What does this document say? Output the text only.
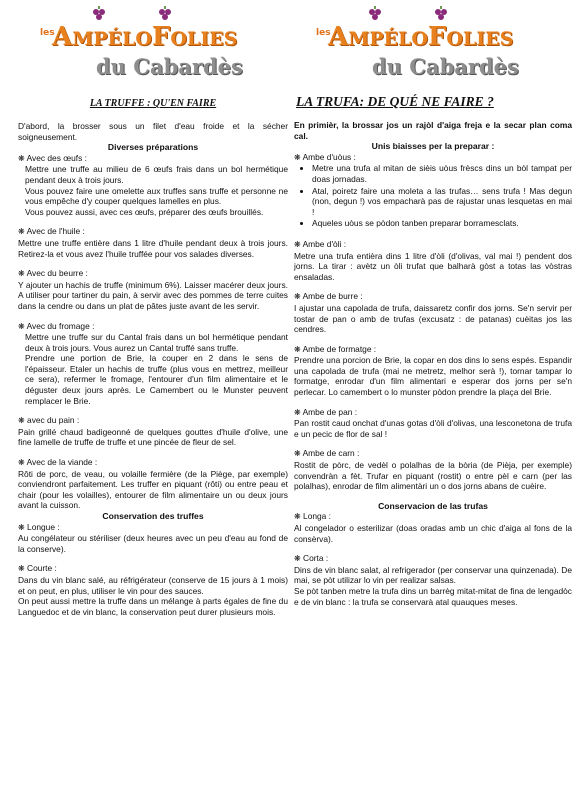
les
AMPÉLOFOLIES
du Cabardès
LA TRUFFE : QU'EN FAIRE

D'abord, la brosser sous un filet d'eau froide et la sécher soigneusement.

Diverses préparations

❋ Avec des œufs :

Mettre une truffe au milieu de 6 œufs frais dans un bol hermétique pendant deux à trois jours.

Vous pouvez faire une omelette aux truffes sans truffe et personne ne vous empêche d'y couper quelques lamelles en plus.

Vous pouvez aussi, avec ces œufs, préparer des œufs brouillés.

❋ Avec de l'huile :

Mettre une truffe entière dans 1 litre d'huile pendant deux à trois jours. Retirez-la et vous avez l'huile truffée pour vos salades diverses.

❋ Avec du beurre :

Y ajouter un hachis de truffe (minimum 6%). Laisser macérer deux jours. A utiliser pour tartiner du pain, à servir avec des pommes de terre cuites dans la cendre ou dans un plat de pâtes juste avant de les servir.

❋ Avec du fromage :

Mettre une truffe sur du Cantal frais dans un bol hermétique pendant deux à trois jours. Vous aurez un Cantal truffé sans truffe.

Prendre une portion de Brie, la couper en 2 dans le sens de l'épaisseur. Etaler un hachis de truffe (plus vous en mettrez, meilleur ce sera), refermer le fromage, l'entourer d'un film alimentaire et le déguster deux jours après. Le Camembert ou le Munster peuvent remplacer le Brie.

❋ avec du pain :

Pain grillé chaud badigeonné de quelques gouttes d'huile d'olive, une fine lamelle de truffe de truffe et une pincée de fleur de sel.

❋ Avec de la viande :

Rôti de porc, de veau, ou volaille fermière (de la Piège, par exemple) conviendront parfaitement. Les truffer en piquant (rôti) ou entre peau et chair (pour les volailles), entourer de film alimentaire un ou deux jours avant la cuisson.

Conservation des truffes

❋ Longue :

Au congélateur ou stériliser (deux heures avec un peu d'eau au fond de la conserve).

❋ Courte :

Dans du vin blanc salé, au réfrigérateur (conserve de 15 jours à 1 mois) et on peut, en plus, utiliser le vin pour des sauces.

On peut aussi mettre la truffe dans un mélange à parts égales de fine du Languedoc et de vin blanc, la conservation peut durer plusieurs mois.

les
AMPÉLOFOLIES
du Cabardès
LA TRUFA: DE QUÉ NE FAIRE ?

En primièr, la brossar jos un rajòl d'aiga freja e la secar plan coma cal.

Unis biaisses per la preparar :

❋ Ambe d'uòus :

• Metre una trufa al mitan de sièis uòus frèscs dins un bòl tampat per doas jornadas.
• Atal, poiretz faire una moleta a las trufas… sens trufa ! Mas degun (non, degun !) vos empacharà pas de rajustar unas lesquetas en mai !
• Aqueles uòus se pòdon tanben preparar borramesclats.

❋ Ambe d'òli :

Metre una trufa entièra dins 1 litre d'òli (d'olivas, val mai !) pendent dos jorns. La tirar : avètz un òli trufat que balharà gòst a totas las vòstras ensaladas.

❋ Ambe de burre :

I ajustar una capolada de trufa, daissaretz confir dos jorns. Se'n servir per tostar de pan o amb de trufas (excusatz : de patanas) cuèitas jos las cendres.

❋ Ambe de formatge :

Prendre una porcion de Brie, la copar en dos dins lo sens espés. Espandir una capolada de trufa (mai ne metretz, melhor serà !), tornar tampar lo formatge, enrodar d'un film alimentari e esperar dos jorns per se'n perlecar. Lo camembert o lo munster pòdon prendre la plaça del Brie.

❋ Ambe de pan :

Pan rostit caud onchat d'unas gotas d'òli d'olivas, una lesconetona de trufa e un pecic de flor de sal !

❋ Ambe de carn :

Rostit de pòrc, de vedèl o polalhas de la bòria (de Pièja, per exemple) convendràn a fèt. Trufar en piquant (rostit) o entre pèl e carn (per las polalhas), enrodar de film alimentàri un o dos jorns abans de cuèire.

Conservacion de las trufas

❋ Longa :

Al congelador o esterilizar (doas oradas amb un chic d'aiga al fons de la consèrva).

❋ Corta :

Dins de vin blanc salat, al refrigerador (per conservar una quinzenada). De mai, se pòt utilizar lo vin per realizar salsas.

Se pòt tanben metre la trufa dins un barrèg mitat-mitat de fina de lengadòc e de vin blanc : la trufa se conservarà atal quauques meses.
